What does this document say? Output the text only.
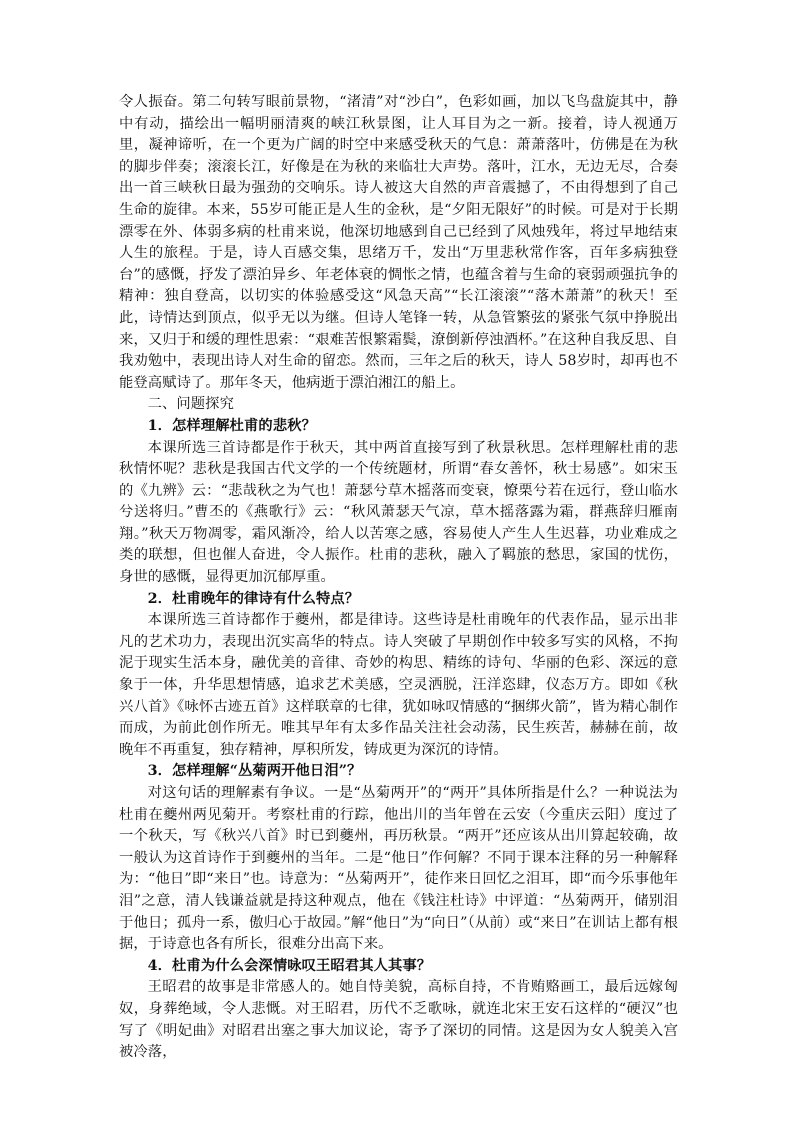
令人振奋。第二句转写眼前景物，“渚清”对“沙白”，色彩如画，加以飞鸟盘旋其中，静中有动，描绘出一幅明丽清爽的峡江秋景图，让人耳目为之一新。接着，诗人视通万里，凝神谛听，在一个更为广阔的时空中来感受秋天的气息：萧萧落叶，仿佛是在为秋的脚步伴奏；滚滚长江，好像是在为秋的来临壮大声势。落叶，江水，无边无尽，合奏出一首三峡秋日最为强劲的交响乐。诗人被这大自然的声音震撼了，不由得想到了自己生命的旋律。本来，55岁可能正是人生的金秋，是“夕阳无限好”的时候。可是对于长期漂零在外、体弱多病的杜甫来说，他深切地感到自己已经到了风烛残年，将过早地结束人生的旅程。于是，诗人百感交集，思绪万千，发出“万里悲秋常作客，百年多病独登台”的感慨，抒发了漂泊异乡、年老体衰的惆怅之情，也蕴含着与生命的衰弱顽强抗争的精神：独自登高，以切实的体验感受这“风急天高”“长江滚滚”“落木萧萧”的秋天！至此，诗情达到顶点，似乎无以为继。但诗人笔锋一转，从急管繁弦的紧张气氛中挣脱出来，又归于和缓的理性思索：“艰难苦恨繁霜鬓，潦倒新停浊酒杯。”在这种自我反思、自我劝勉中，表现出诗人对生命的留恋。然而，三年之后的秋天，诗人 58岁时，却再也不能登高赋诗了。那年冬天，他病逝于漂泊湘江的船上。

二、问题探究

1．怎样理解杜甫的悲秋？

本课所选三首诗都是作于秋天，其中两首直接写到了秋景秋思。怎样理解杜甫的悲秋情怀呢？悲秋是我国古代文学的一个传统题材，所谓“春女善怀，秋士易感”。如宋玉的《九辨》云：“悲哉秋之为气也！萧瑟兮草木摇落而变衰，憭栗兮若在远行，登山临水兮送将归。”曹丕的《燕歌行》云：“秋风萧瑟天气凉，草木摇落露为霜，群燕辞归雁南翔。”秋天万物凋零，霜风渐冷，给人以苦寒之感，容易使人产生人生迟暮，功业难成之类的联想，但也催人奋进，令人振作。杜甫的悲秋，融入了羁旅的愁思，家国的忧伤，身世的感慨，显得更加沉郁厚重。

2．杜甫晚年的律诗有什么特点？

本课所选三首诗都作于夔州，都是律诗。这些诗是杜甫晚年的代表作品，显示出非凡的艺术功力，表现出沉实高华的特点。诗人突破了早期创作中较多写实的风格，不拘泥于现实生活本身，融优美的音律、奇妙的构思、精练的诗句、华丽的色彩、深远的意象于一体，升华思想情感，追求艺术美感，空灵洒脱，汪洋恣肆，仪态万方。即如《秋兴八首》《咏怀古迹五首》这样联章的七律，犹如咏叹情感的“捆绑火箭”，皆为精心制作而成，为前此创作所无。唯其早年有太多作品关注社会动荡，民生疾苦，赫赫在前，故晚年不再重复，独存精神，厚积所发，铸成更为深沉的诗情。

3．怎样理解“丛菊两开他日泪”？

对这句话的理解素有争议。一是“丛菊两开”的“两开”具体所指是什么？一种说法为杜甫在夔州两见菊开。考察杜甫的行踪，他出川的当年曾在云安（今重庆云阳）度过了一个秋天，写《秋兴八首》时已到夔州，再历秋景。“两开”还应该从出川算起较确，故一般认为这首诗作于到夔州的当年。二是“他日”作何解？不同于课本注释的另一种解释为：“他日”即“来日”也。诗意为：“丛菊两开”，徒作来日回忆之泪耳，即“而今乐事他年泪”之意，清人钱谦益就是持这种观点，他在《钱注杜诗》中评道：“丛菊两开，储别泪于他日；孤舟一系，傲归心于故园。”解“他日”为“向日”（从前）或“来日”在训诂上都有根据，于诗意也各有所长，很难分出高下来。

4．杜甫为什么会深情咏叹王昭君其人其事？

王昭君的故事是非常感人的。她自恃美貌，高标自持，不肯贿赂画工，最后远嫁匈奴，身葬绝域，令人悲慨。对王昭君，历代不乏歌咏，就连北宋王安石这样的“硬汉”也写了《明妃曲》对昭君出塞之事大加议论，寄予了深切的同情。这是因为女人貌美入宫被冷落，
